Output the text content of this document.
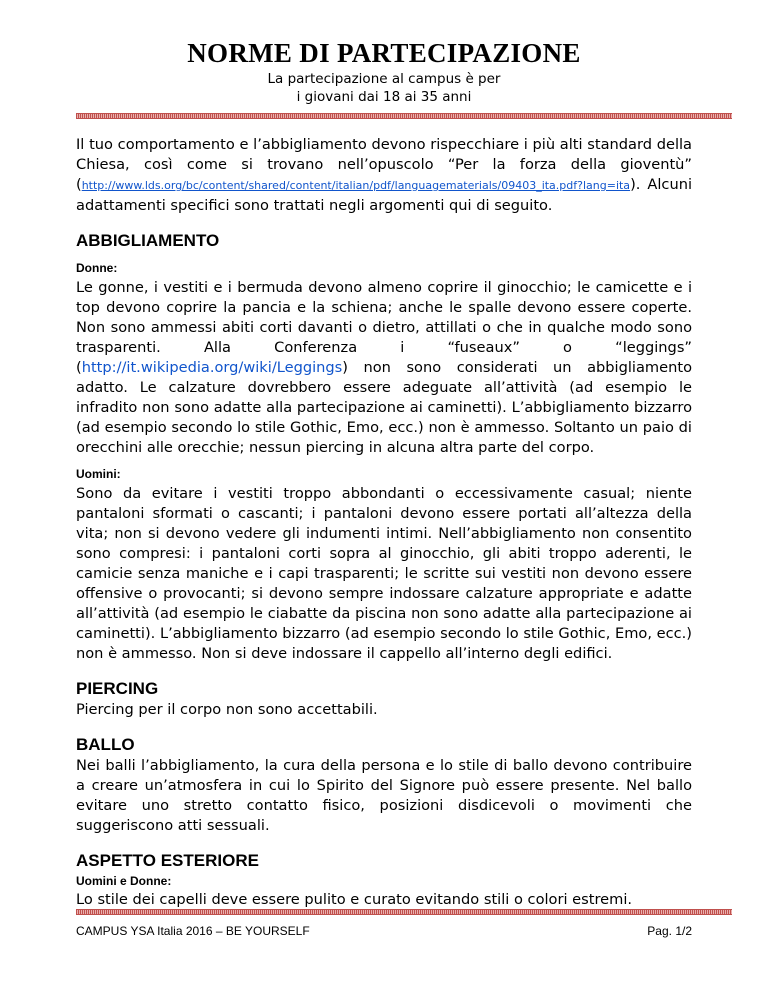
NORME DI PARTECIPAZIONE
La partecipazione al campus è per
i giovani dai 18 ai 35 anni

Il tuo comportamento e l’abbigliamento devono rispecchiare i più alti standard della Chiesa, così come si trovano nell’opuscolo “Per la forza della gioventù” (http://www.lds.org/bc/content/shared/content/italian/pdf/languagematerials/09403_ita.pdf?lang=ita). Alcuni adattamenti specifici sono trattati negli argomenti qui di seguito.

ABBIGLIAMENTO

Donne:

Le gonne, i vestiti e i bermuda devono almeno coprire il ginocchio; le camicette e i top devono coprire la pancia e la schiena; anche le spalle devono essere coperte. Non sono ammessi abiti corti davanti o dietro, attillati o che in qualche modo sono trasparenti. Alla Conferenza i “fuseaux” o “leggings” (http://it.wikipedia.org/wiki/Leggings) non sono considerati un abbigliamento adatto. Le calzature dovrebbero essere adeguate all’attività (ad esempio le infradito non sono adatte alla partecipazione ai caminetti). L’abbigliamento bizzarro (ad esempio secondo lo stile Gothic, Emo, ecc.) non è ammesso. Soltanto un paio di orecchini alle orecchie; nessun piercing in alcuna altra parte del corpo.

Uomini:

Sono da evitare i vestiti troppo abbondanti o eccessivamente casual; niente pantaloni sformati o cascanti; i pantaloni devono essere portati all’altezza della vita; non si devono vedere gli indumenti intimi. Nell’abbigliamento non consentito sono compresi: i pantaloni corti sopra al ginocchio, gli abiti troppo aderenti, le camicie senza maniche e i capi trasparenti; le scritte sui vestiti non devono essere offensive o provocanti; si devono sempre indossare calzature appropriate e adatte all’attività (ad esempio le ciabatte da piscina non sono adatte alla partecipazione ai caminetti). L’abbigliamento bizzarro (ad esempio secondo lo stile Gothic, Emo, ecc.) non è ammesso. Non si deve indossare il cappello all’interno degli edifici.

PIERCING

Piercing per il corpo non sono accettabili.

BALLO

Nei balli l’abbigliamento, la cura della persona e lo stile di ballo devono contribuire a creare un’atmosfera in cui lo Spirito del Signore può essere presente. Nel ballo evitare uno stretto contatto fisico, posizioni disdicevoli o movimenti che suggeriscono atti sessuali.

ASPETTO ESTERIORE

Uomini e Donne:

Lo stile dei capelli deve essere pulito e curato evitando stili o colori estremi.

CAMPUS YSA Italia 2016 – BE YOURSELF	Pag. 1/2
